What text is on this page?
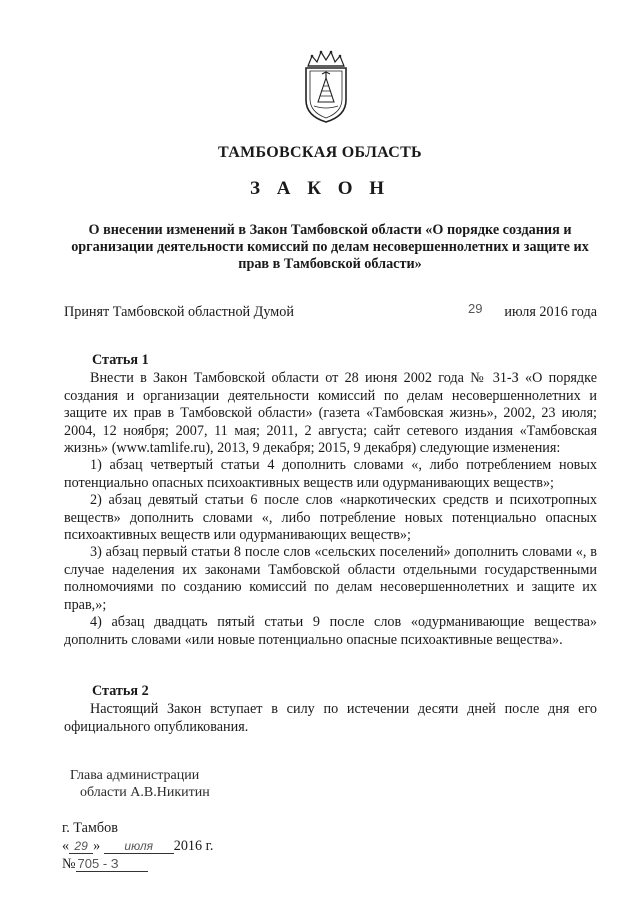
ТАМБОВСКАЯ ОБЛАСТЬ
З А К О Н
О внесении изменений в Закон Тамбовской области «О порядке создания и организации деятельности комиссий по делам несовершеннолетних и защите их прав в Тамбовской области»
Принят Тамбовской областной Думой	29 июля 2016 года
Статья 1

Внести в Закон Тамбовской области от 28 июня 2002 года № 31-З «О порядке создания и организации деятельности комиссий по делам несовершеннолетних и защите их прав в Тамбовской области» (газета «Тамбовская жизнь», 2002, 23 июля; 2004, 12 ноября; 2007, 11 мая; 2011, 2 августа; сайт сетевого издания «Тамбовская жизнь» (www.tamlife.ru), 2013, 9 декабря; 2015, 9 декабря) следующие изменения:

1) абзац четвертый статьи 4 дополнить словами «, либо потреблением новых потенциально опасных психоактивных веществ или одурманивающих веществ»;

2) абзац девятый статьи 6 после слов «наркотических средств и психотропных веществ» дополнить словами «, либо потребление новых потенциально опасных психоактивных веществ или одурманивающих веществ»;

3) абзац первый статьи 8 после слов «сельских поселений» дополнить словами «, в случае наделения их законами Тамбовской области отдельными государственными полномочиями по созданию комиссий по делам несовершеннолетних и защите их прав,»;

4) абзац двадцать пятый статьи 9 после слов «одурманивающие вещества» дополнить словами «или новые потенциально опасные психоактивные вещества».

Статья 2

Настоящий Закон вступает в силу по истечении десяти дней после дня его официального опубликования.

Глава администрации
области А.В.Никитин
г. Тамбов
« 29 » июля 2016 г.
№ 705 - З
